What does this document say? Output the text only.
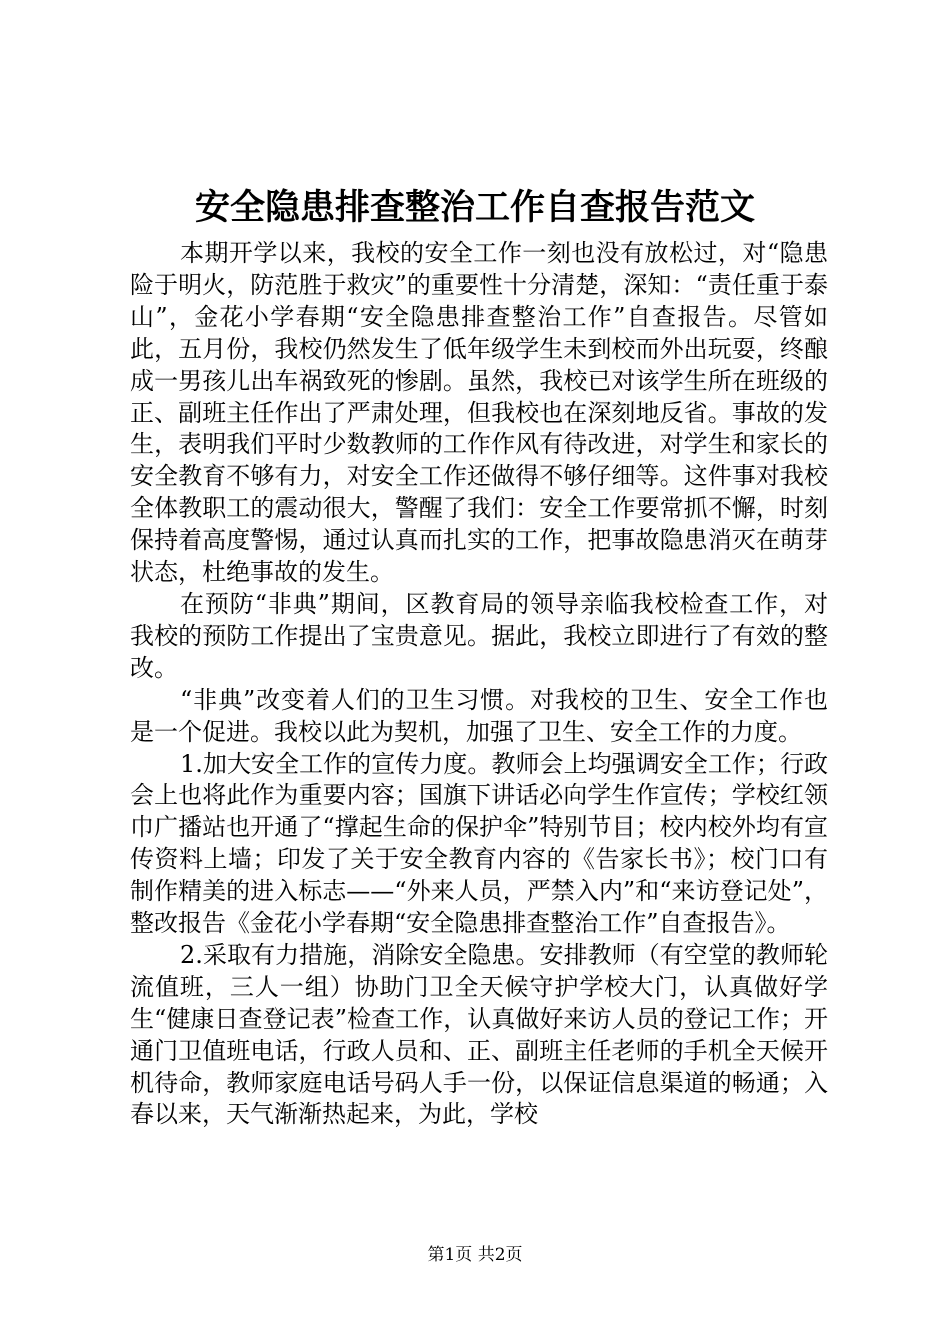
安全隐患排查整治工作自查报告范文

本期开学以来，我校的安全工作一刻也没有放松过，对“隐患险于明火，防范胜于救灾”的重要性十分清楚，深知：“责任重于泰山”，金花小学春期“安全隐患排查整治工作”自查报告。尽管如此，五月份，我校仍然发生了低年级学生未到校而外出玩耍，终酿成一男孩儿出车祸致死的惨剧。虽然，我校已对该学生所在班级的正、副班主任作出了严肃处理，但我校也在深刻地反省。事故的发生，表明我们平时少数教师的工作作风有待改进，对学生和家长的安全教育不够有力，对安全工作还做得不够仔细等。这件事对我校全体教职工的震动很大，警醒了我们：安全工作要常抓不懈，时刻保持着高度警惕，通过认真而扎实的工作，把事故隐患消灭在萌芽状态，杜绝事故的发生。

在预防“非典”期间，区教育局的领导亲临我校检查工作，对我校的预防工作提出了宝贵意见。据此，我校立即进行了有效的整改。

“非典”改变着人们的卫生习惯。对我校的卫生、安全工作也是一个促进。我校以此为契机，加强了卫生、安全工作的力度。

1.加大安全工作的宣传力度。教师会上均强调安全工作；行政会上也将此作为重要内容；国旗下讲话必向学生作宣传；学校红领巾广播站也开通了“撑起生命的保护伞”特别节目；校内校外均有宣传资料上墙；印发了关于安全教育内容的《告家长书》；校门口有制作精美的进入标志——“外来人员，严禁入内”和“来访登记处”，整改报告《金花小学春期“安全隐患排查整治工作”自查报告》。

2.采取有力措施，消除安全隐患。安排教师（有空堂的教师轮流值班，三人一组）协助门卫全天候守护学校大门，认真做好学生“健康日查登记表”检查工作，认真做好来访人员的登记工作；开通门卫值班电话，行政人员和、正、副班主任老师的手机全天候开机待命，教师家庭电话号码人手一份，以保证信息渠道的畅通；入春以来，天气渐渐热起来，为此，学校

第1页 共2页
